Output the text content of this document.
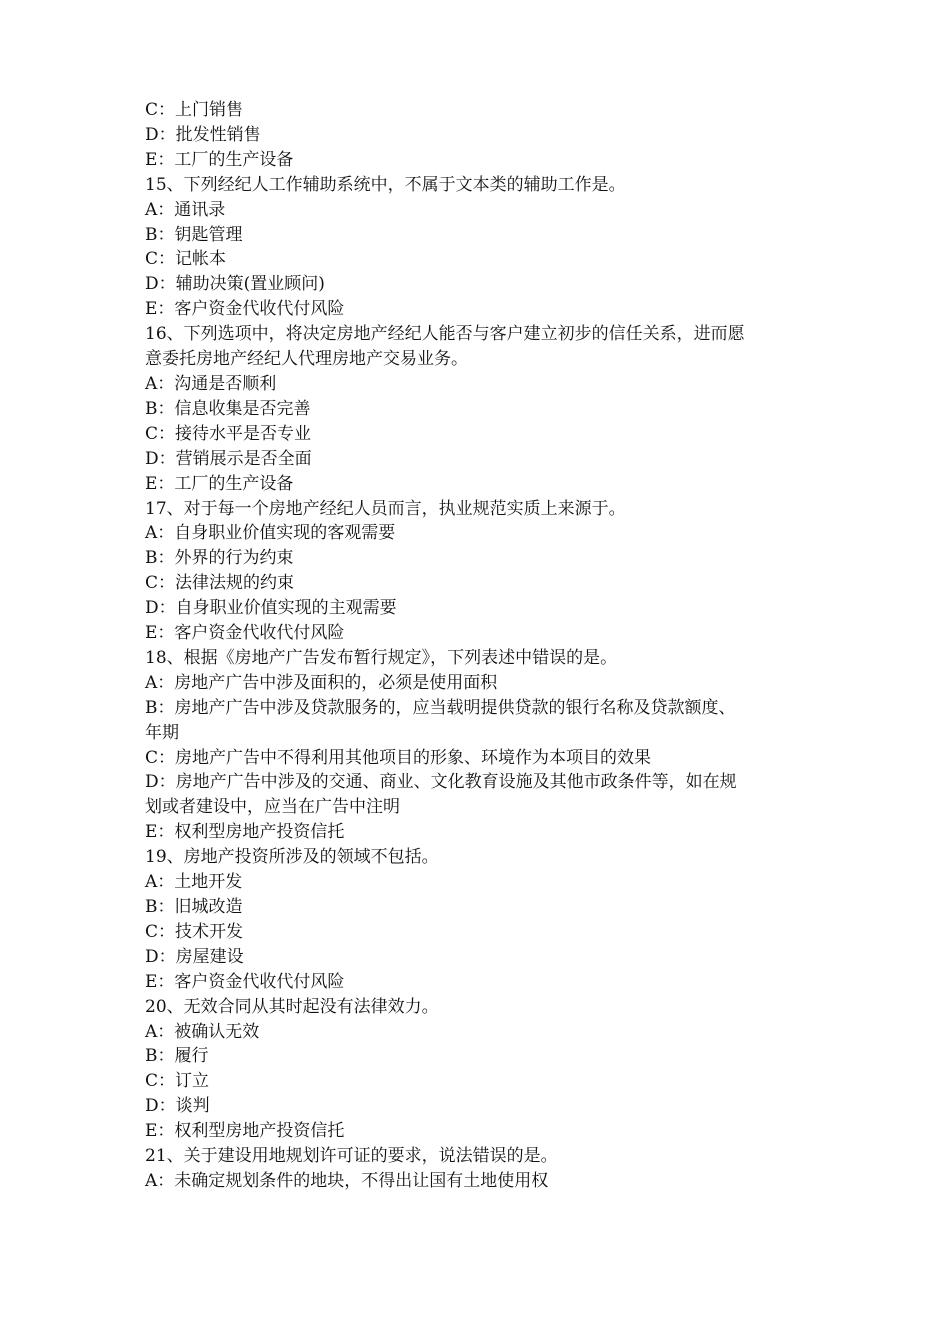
C：上门销售
D：批发性销售
E：工厂的生产设备
15、下列经纪人工作辅助系统中，不属于文本类的辅助工作是。
A：通讯录
B：钥匙管理
C：记帐本
D：辅助决策(置业顾问)
E：客户资金代收代付风险
16、下列选项中，将决定房地产经纪人能否与客户建立初步的信任关系，进而愿
意委托房地产经纪人代理房地产交易业务。
A：沟通是否顺利
B：信息收集是否完善
C：接待水平是否专业
D：营销展示是否全面
E：工厂的生产设备
17、对于每一个房地产经纪人员而言，执业规范实质上来源于。
A：自身职业价值实现的客观需要
B：外界的行为约束
C：法律法规的约束
D：自身职业价值实现的主观需要
E：客户资金代收代付风险
18、根据《房地产广告发布暂行规定》，下列表述中错误的是。
A：房地产广告中涉及面积的，必须是使用面积
B：房地产广告中涉及贷款服务的，应当载明提供贷款的银行名称及贷款额度、
年期
C：房地产广告中不得利用其他项目的形象、环境作为本项目的效果
D：房地产广告中涉及的交通、商业、文化教育设施及其他市政条件等，如在规
划或者建设中，应当在广告中注明
E：权利型房地产投资信托
19、房地产投资所涉及的领域不包括。
A：土地开发
B：旧城改造
C：技术开发
D：房屋建设
E：客户资金代收代付风险
20、无效合同从其时起没有法律效力。
A：被确认无效
B：履行
C：订立
D：谈判
E：权利型房地产投资信托
21、关于建设用地规划许可证的要求，说法错误的是。
A：未确定规划条件的地块，不得出让国有土地使用权
